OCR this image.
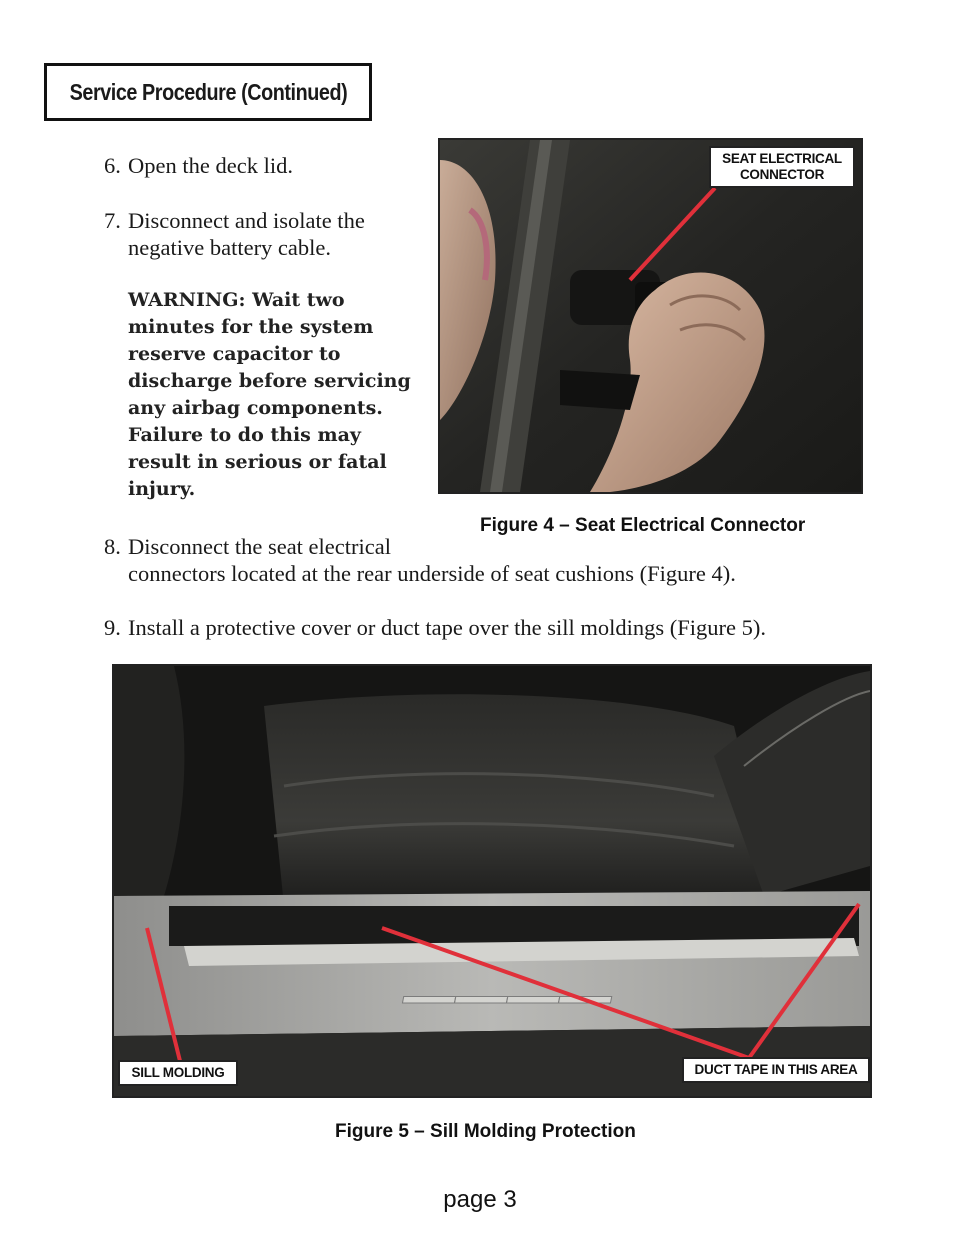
Service Procedure (Continued)
6. Open the deck lid.
7. Disconnect and isolate the
negative battery cable.
WARNING: Wait two
minutes for the system
reserve capacitor to
discharge before servicing
any airbag components.
Failure to do this may
result in serious or fatal
injury.
SEAT ELECTRICAL
CONNECTOR
Figure 4 – Seat Electrical Connector
8. Disconnect the seat electrical
connectors located at the rear underside of seat cushions (Figure 4).
9. Install a protective cover or duct tape over the sill moldings (Figure 5).
――――
SILL MOLDING	DUCT TAPE IN THIS AREA
Figure 5 – Sill Molding Protection
page 3
